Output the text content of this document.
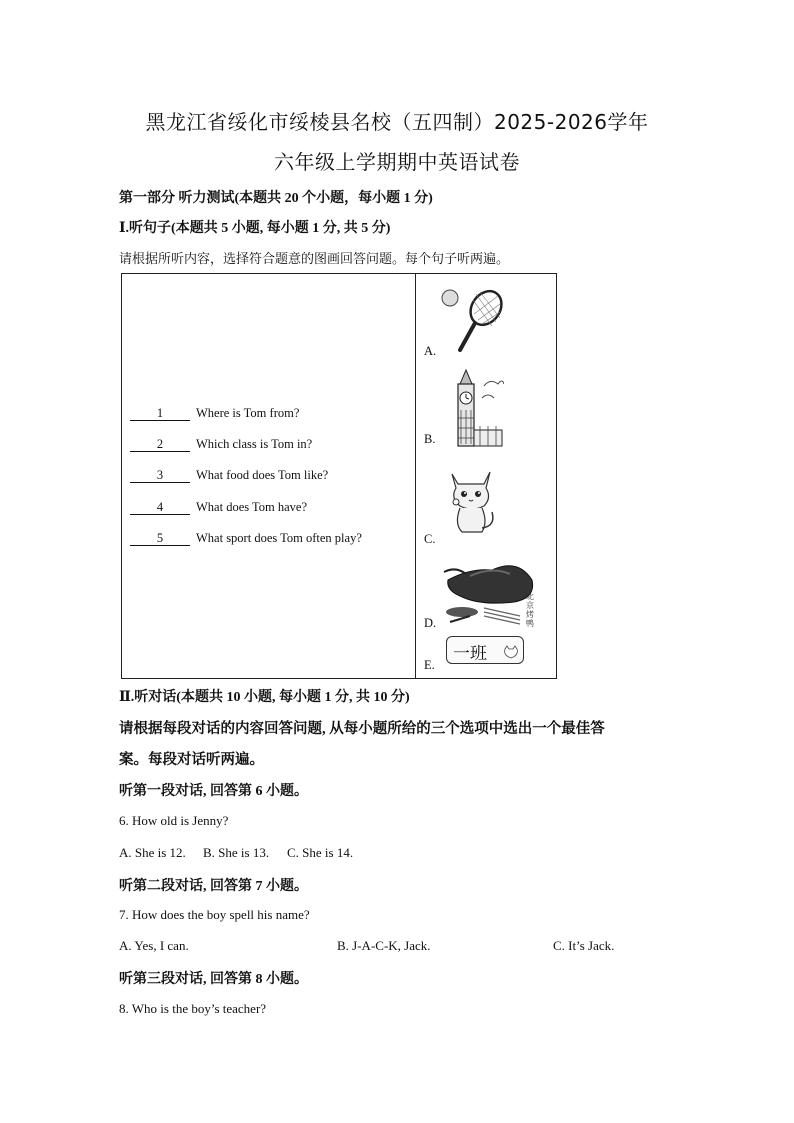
黑龙江省绥化市绥棱县名校（五四制）2025-2026学年
六年级上学期期中英语试卷
第一部分 听力测试(本题共 20 个小题，每小题 1 分)
Ⅰ.听句子(本题共 5 小题, 每小题 1 分, 共 5 分)
请根据所听内容，选择符合题意的图画回答问题。每个句子听两遍。
1	Where is Tom from?
2	Which class is Tom in?
3	What food does Tom like?
4	What does Tom have?
5	What sport does Tom often play?

A.
B.
C.
D.
北京烤鸭
E.
一班
Ⅱ.听对话(本题共 10 小题, 每小题 1 分, 共 10 分)
请根据每段对话的内容回答问题, 从每小题所给的三个选项中选出一个最佳答
案。每段对话听两遍。
听第一段对话, 回答第 6 小题。
6. How old is Jenny?
A. She is 12. B. She is 13. C. She is 14.
听第二段对话, 回答第 7 小题。
7. How does the boy spell his name?
A. Yes, I can.	B. J-A-C-K, Jack.	C. It’s Jack.
听第三段对话, 回答第 8 小题。
8. Who is the boy’s teacher?
